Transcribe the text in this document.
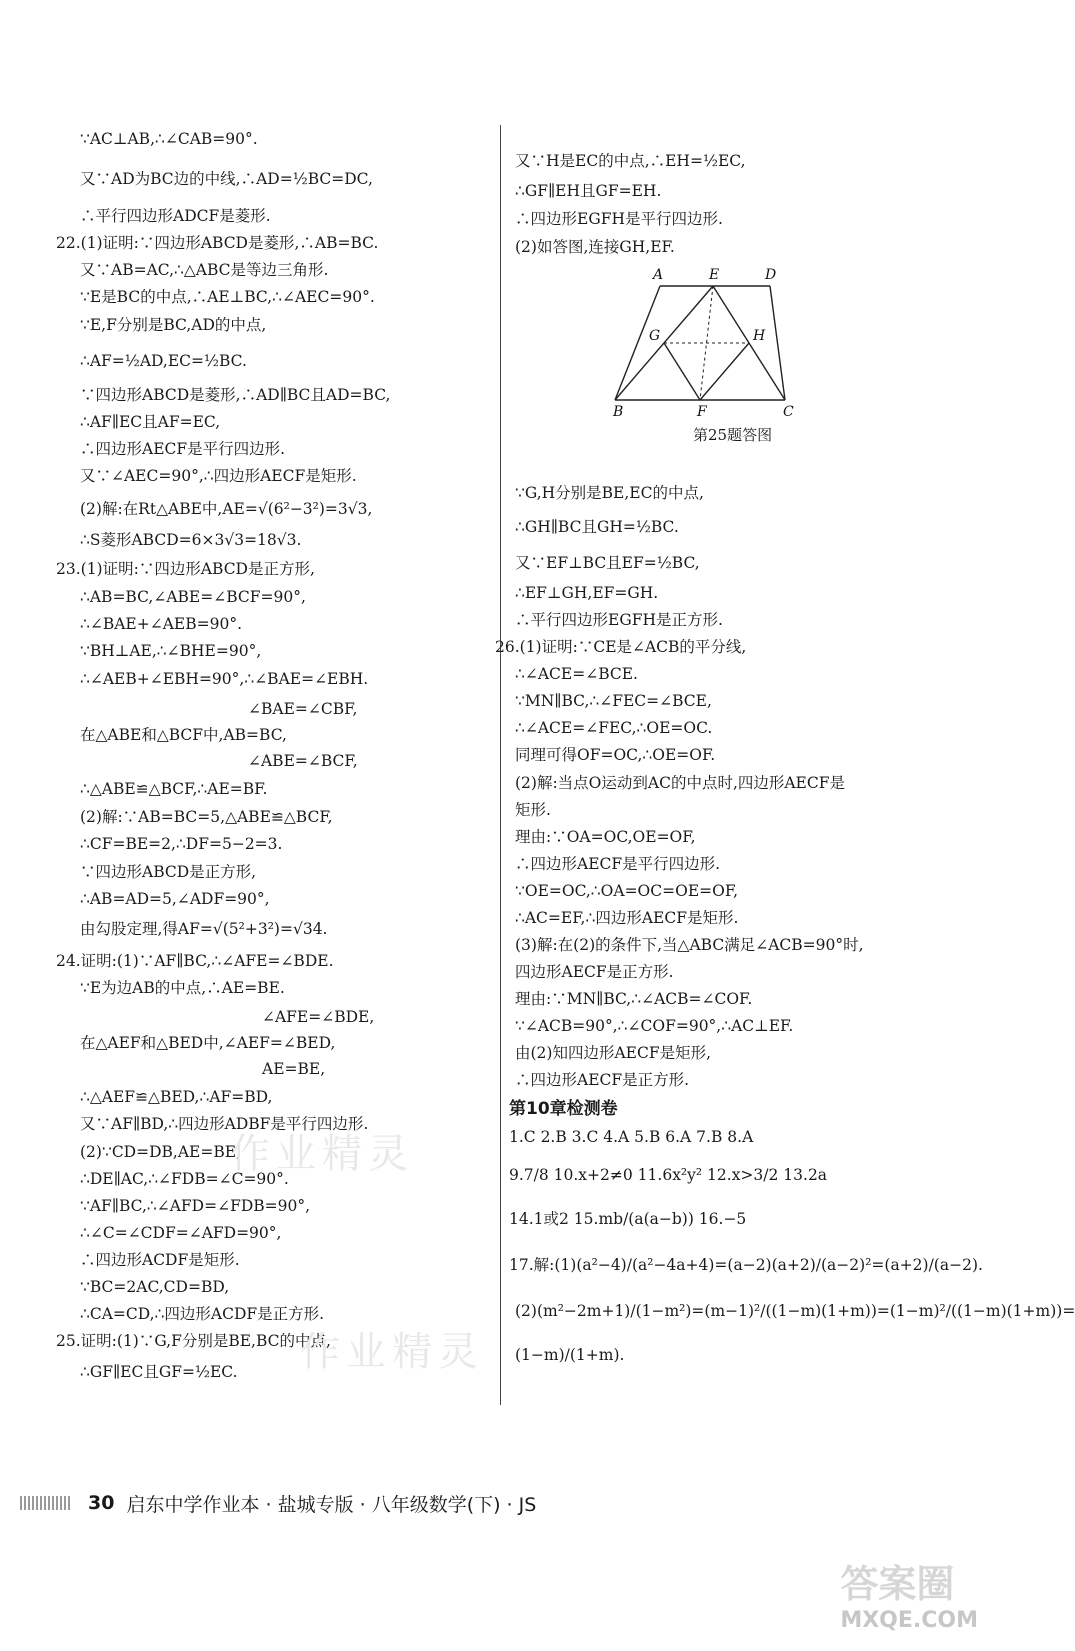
∵AC⊥AB,∴∠CAB=90°.
又∵AD为BC边的中线,∴AD=½BC=DC,
∴平行四边形ADCF是菱形.
22.(1)证明:∵四边形ABCD是菱形,∴AB=BC.
又∵AB=AC,∴△ABC是等边三角形.
∵E是BC的中点,∴AE⊥BC,∴∠AEC=90°.
∵E,F分别是BC,AD的中点,
∴AF=½AD,EC=½BC.
∵四边形ABCD是菱形,∴AD∥BC且AD=BC,
∴AF∥EC且AF=EC,
∴四边形AECF是平行四边形.
又∵∠AEC=90°,∴四边形AECF是矩形.
(2)解:在Rt△ABE中,AE=√(6²−3²)=3√3,
∴S菱形ABCD=6×3√3=18√3.
23.(1)证明:∵四边形ABCD是正方形,
∴AB=BC,∠ABE=∠BCF=90°,
∴∠BAE+∠AEB=90°.
∵BH⊥AE,∴∠BHE=90°,
∴∠AEB+∠EBH=90°,∴∠BAE=∠EBH.
∠BAE=∠CBF,
在△ABE和△BCF中,AB=BC,
∠ABE=∠BCF,
∴△ABE≌△BCF,∴AE=BF.
(2)解:∵AB=BC=5,△ABE≌△BCF,
∴CF=BE=2,∴DF=5−2=3.
∵四边形ABCD是正方形,
∴AB=AD=5,∠ADF=90°,
由勾股定理,得AF=√(5²+3²)=√34.
24.证明:(1)∵AF∥BC,∴∠AFE=∠BDE.
∵E为边AB的中点,∴AE=BE.
∠AFE=∠BDE,
在△AEF和△BED中,∠AEF=∠BED,
AE=BE,
∴△AEF≌△BED,∴AF=BD,
又∵AF∥BD,∴四边形ADBF是平行四边形.
(2)∵CD=DB,AE=BE,
∴DE∥AC,∴∠FDB=∠C=90°.
∵AF∥BC,∴∠AFD=∠FDB=90°,
∴∠C=∠CDF=∠AFD=90°,
∴四边形ACDF是矩形.
∵BC=2AC,CD=BD,
∴CA=CD,∴四边形ACDF是正方形.
25.证明:(1)∵G,F分别是BE,BC的中点,
∴GF∥EC且GF=½EC.
又∵H是EC的中点,∴EH=½EC,
∴GF∥EH且GF=EH.
∴四边形EGFH是平行四边形.
(2)如答图,连接GH,EF.
A	E	D
G	H
B	F	C
第25题答图
∵G,H分别是BE,EC的中点,
∴GH∥BC且GH=½BC.
又∵EF⊥BC且EF=½BC,
∴EF⊥GH,EF=GH.
∴平行四边形EGFH是正方形.
26.(1)证明:∵CE是∠ACB的平分线,
∴∠ACE=∠BCE.
∵MN∥BC,∴∠FEC=∠BCE,
∴∠ACE=∠FEC,∴OE=OC.
同理可得OF=OC,∴OE=OF.
(2)解:当点O运动到AC的中点时,四边形AECF是
矩形.
理由:∵OA=OC,OE=OF,
∴四边形AECF是平行四边形.
∵OE=OC,∴OA=OC=OE=OF,
∴AC=EF,∴四边形AECF是矩形.
(3)解:在(2)的条件下,当△ABC满足∠ACB=90°时,
四边形AECF是正方形.
理由:∵MN∥BC,∴∠ACB=∠COF.
∵∠ACB=90°,∴∠COF=90°,∴AC⊥EF.
由(2)知四边形AECF是矩形,
∴四边形AECF是正方形.
第10章检测卷
1.C 2.B 3.C 4.A 5.B 6.A 7.B 8.A
9.7/8 10.x+2≠0 11.6x²y² 12.x>3/2 13.2a
14.1或2 15.mb/(a(a−b)) 16.−5
17.解:(1)(a²−4)/(a²−4a+4)=(a−2)(a+2)/(a−2)²=(a+2)/(a−2).
(2)(m²−2m+1)/(1−m²)=(m−1)²/((1−m)(1+m))=(1−m)²/((1−m)(1+m))=
(1−m)/(1+m).
作业精灵
作业精灵
30 启东中学作业本 · 盐城专版 · 八年级数学(下) · JS
答案圈
MXQE.COM
